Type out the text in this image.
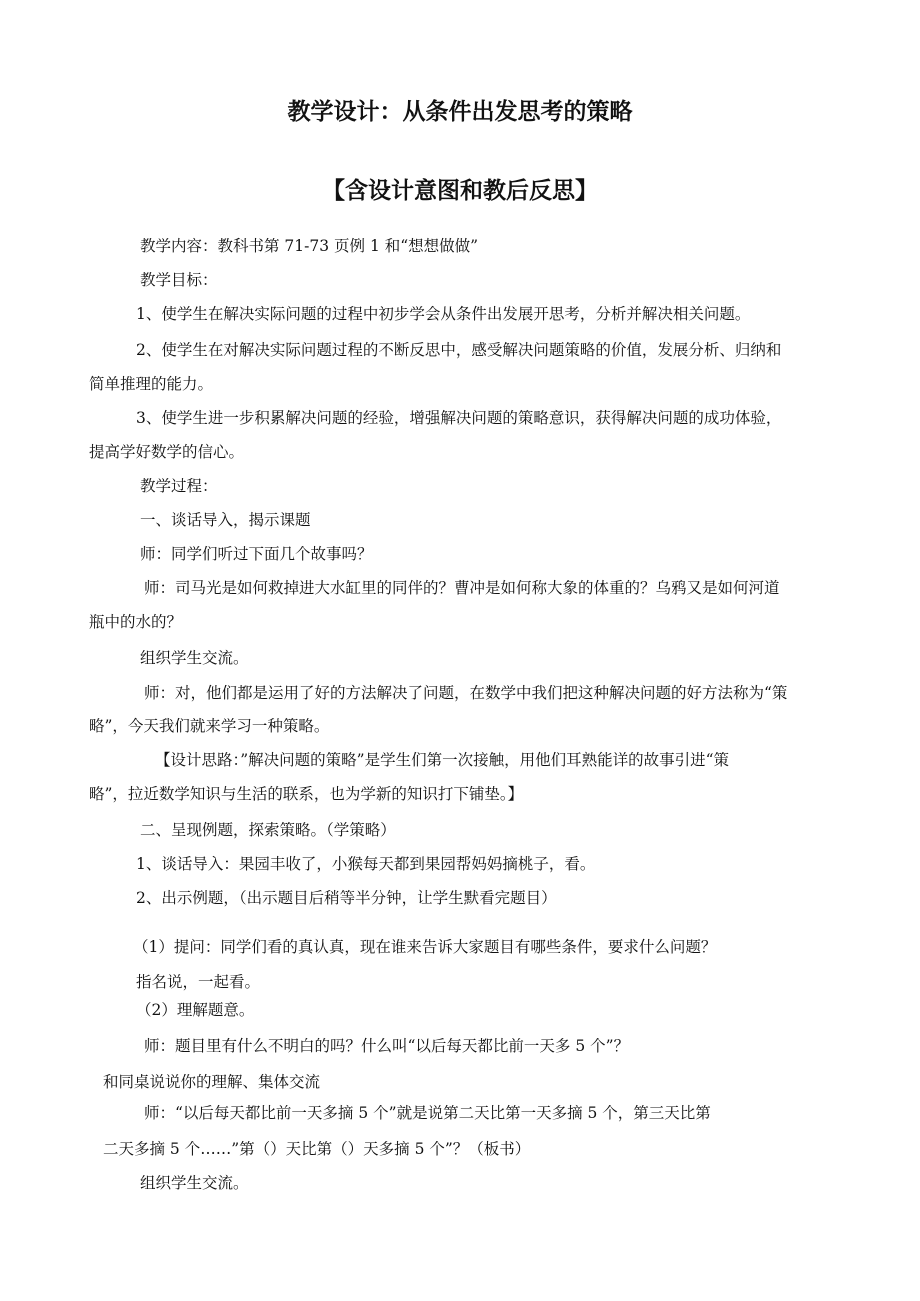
教学设计：从条件出发思考的策略
【含设计意图和教后反思】
教学内容：教科书第 71-73 页例 1 和“想想做做”
教学目标：
1、使学生在解决实际问题的过程中初步学会从条件出发展开思考，分析并解决相关问题。
2、使学生在对解决实际问题过程的不断反思中，感受解决问题策略的价值，发展分析、归纳和
简单推理的能力。
3、使学生进一步积累解决问题的经验，增强解决问题的策略意识，获得解决问题的成功体验，
提高学好数学的信心。
教学过程：
一、谈话导入，揭示课题
师：同学们听过下面几个故事吗？
师：司马光是如何救掉进大水缸里的同伴的？曹冲是如何称大象的体重的？乌鸦又是如何河道
瓶中的水的？
组织学生交流。
师：对，他们都是运用了好的方法解决了问题，在数学中我们把这种解决问题的好方法称为“策
略”，今天我们就来学习一种策略。
【设计思路：”解决问题的策略”是学生们第一次接触，用他们耳熟能详的故事引进“策
略”，拉近数学知识与生活的联系，也为学新的知识打下铺垫。】
二、呈现例题，探索策略。（学策略）
1、谈话导入：果园丰收了，小猴每天都到果园帮妈妈摘桃子，看。
2、出示例题，（出示题目后稍等半分钟，让学生默看完题目）
（1）提问：同学们看的真认真，现在谁来告诉大家题目有哪些条件，要求什么问题？
指名说，一起看。
（2）理解题意。
师：题目里有什么不明白的吗？什么叫“以后每天都比前一天多 5 个”？
和同桌说说你的理解、集体交流
师：“以后每天都比前一天多摘 5 个”就是说第二天比第一天多摘 5 个，第三天比第
二天多摘 5 个……”第（）天比第（）天多摘 5 个”？（板书）
组织学生交流。
